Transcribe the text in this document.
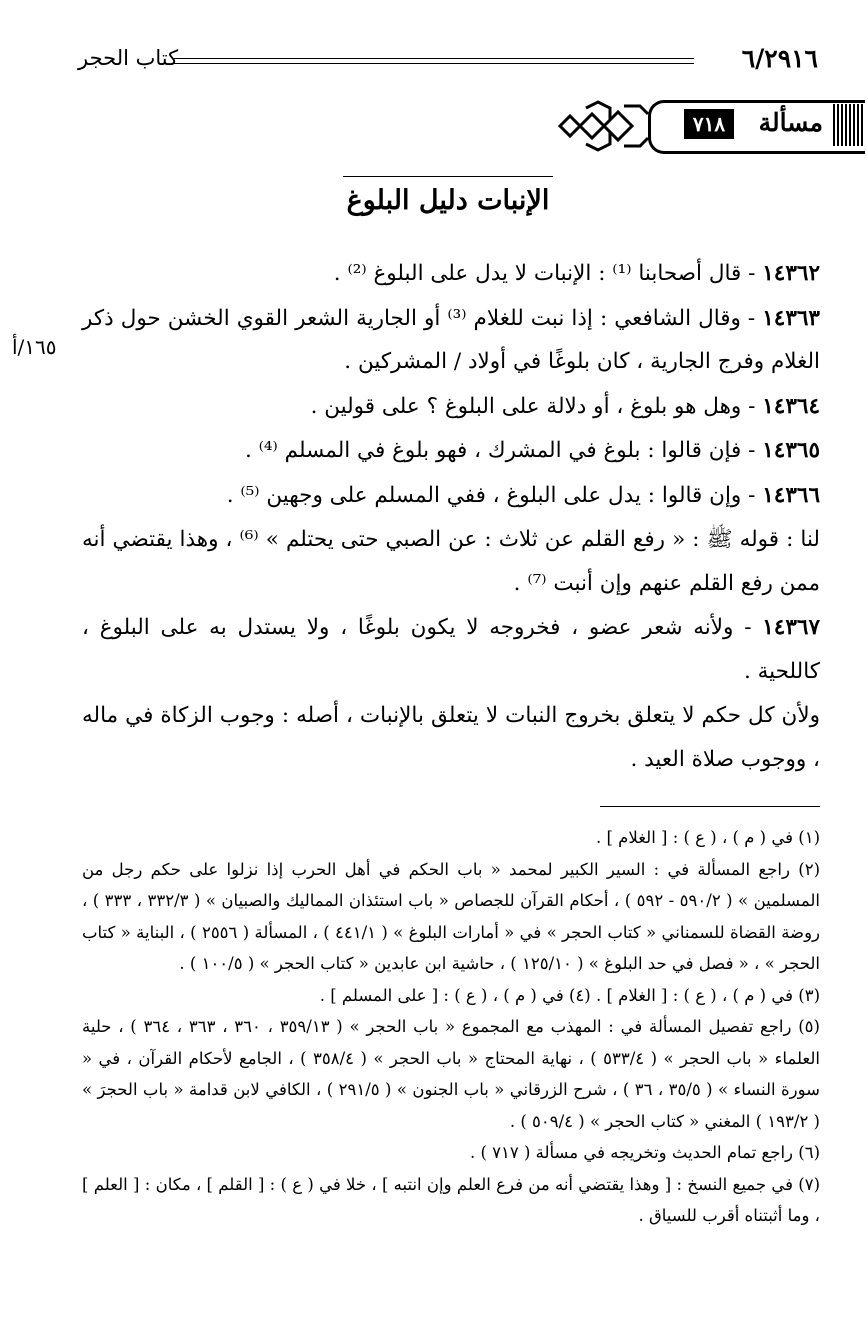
كتاب الحجر	٦/٢٩١٦
٧١٨	مسألة
الإنبات دليل البلوغ
١٦٥/أ

١٤٣٦٢ - قال أصحابنا ⁽¹⁾ : الإنبات لا يدل على البلوغ ⁽²⁾ .

١٤٣٦٣ - وقال الشافعي : إذا نبت للغلام ⁽³⁾ أو الجارية الشعر القوي الخشن حول ذكر الغلام وفرج الجارية ، كان بلوغًا في أولاد / المشركين .

١٤٣٦٤ - وهل هو بلوغ ، أو دلالة على البلوغ ؟ على قولين .

١٤٣٦٥ - فإن قالوا : بلوغ في المشرك ، فهو بلوغ في المسلم ⁽⁴⁾ .

١٤٣٦٦ - وإن قالوا : يدل على البلوغ ، ففي المسلم على وجهين ⁽⁵⁾ .

لنا : قوله ﷺ : « رفع القلم عن ثلاث : عن الصبي حتى يحتلم » ⁽⁶⁾ ، وهذا يقتضي أنه ممن رفع القلم عنهم وإن أنبت ⁽⁷⁾ .

١٤٣٦٧ - ولأنه شعر عضو ، فخروجه لا يكون بلوغًا ، ولا يستدل به على البلوغ ، كاللحية .

ولأن كل حكم لا يتعلق بخروج النبات لا يتعلق بالإنبات ، أصله : وجوب الزكاة في ماله ، ووجوب صلاة العيد .

(١) في ( م ) ، ( ع ) : [ الغلام ] .

(٢) راجع المسألة في : السير الكبير لمحمد « باب الحكم في أهل الحرب إذا نزلوا على حكم رجل من المسلمين » ( ٥٩٠/٢ - ٥٩٢ ) ، أحكام القرآن للجصاص « باب استئذان المماليك والصبيان » ( ٣٣٢/٣ ، ٣٣٣ ) ، روضة القضاة للسمناني « كتاب الحجر » في « أمارات البلوغ » ( ٤٤١/١ ) ، المسألة ( ٢٥٥٦ ) ، البناية « كتاب الحجر » ، « فصل في حد البلوغ » ( ١٢٥/١٠ ) ، حاشية ابن عابدين « كتاب الحجر » ( ١٠٠/٥ ) .

(٣) في ( م ) ، ( ع ) : [ الغلام ] . (٤) في ( م ) ، ( ع ) : [ على المسلم ] .

(٥) راجع تفصيل المسألة في : المهذب مع المجموع « باب الحجر » ( ٣٥٩/١٣ ، ٣٦٠ ، ٣٦٣ ، ٣٦٤ ) ، حلية العلماء « باب الحجر » ( ٥٣٣/٤ ) ، نهاية المحتاج « باب الحجر » ( ٣٥٨/٤ ) ، الجامع لأحكام القرآن ، في « سورة النساء » ( ٣٥/٥ ، ٣٦ ) ، شرح الزرقاني « باب الجنون » ( ٢٩١/٥ ) ، الكافي لابن قدامة « باب الحجرَ » ( ١٩٣/٢ ) المغني « كتاب الحجر » ( ٥٠٩/٤ ) .

(٦) راجع تمام الحديث وتخريجه في مسألة ( ٧١٧ ) .

(٧) في جميع النسخ : [ وهذا يقتضي أنه من فرع العلم وإن انتبه ] ، خلا في ( ع ) : [ القلم ] ، مكان : [ العلم ] ، وما أثبتناه أقرب للسياق .
